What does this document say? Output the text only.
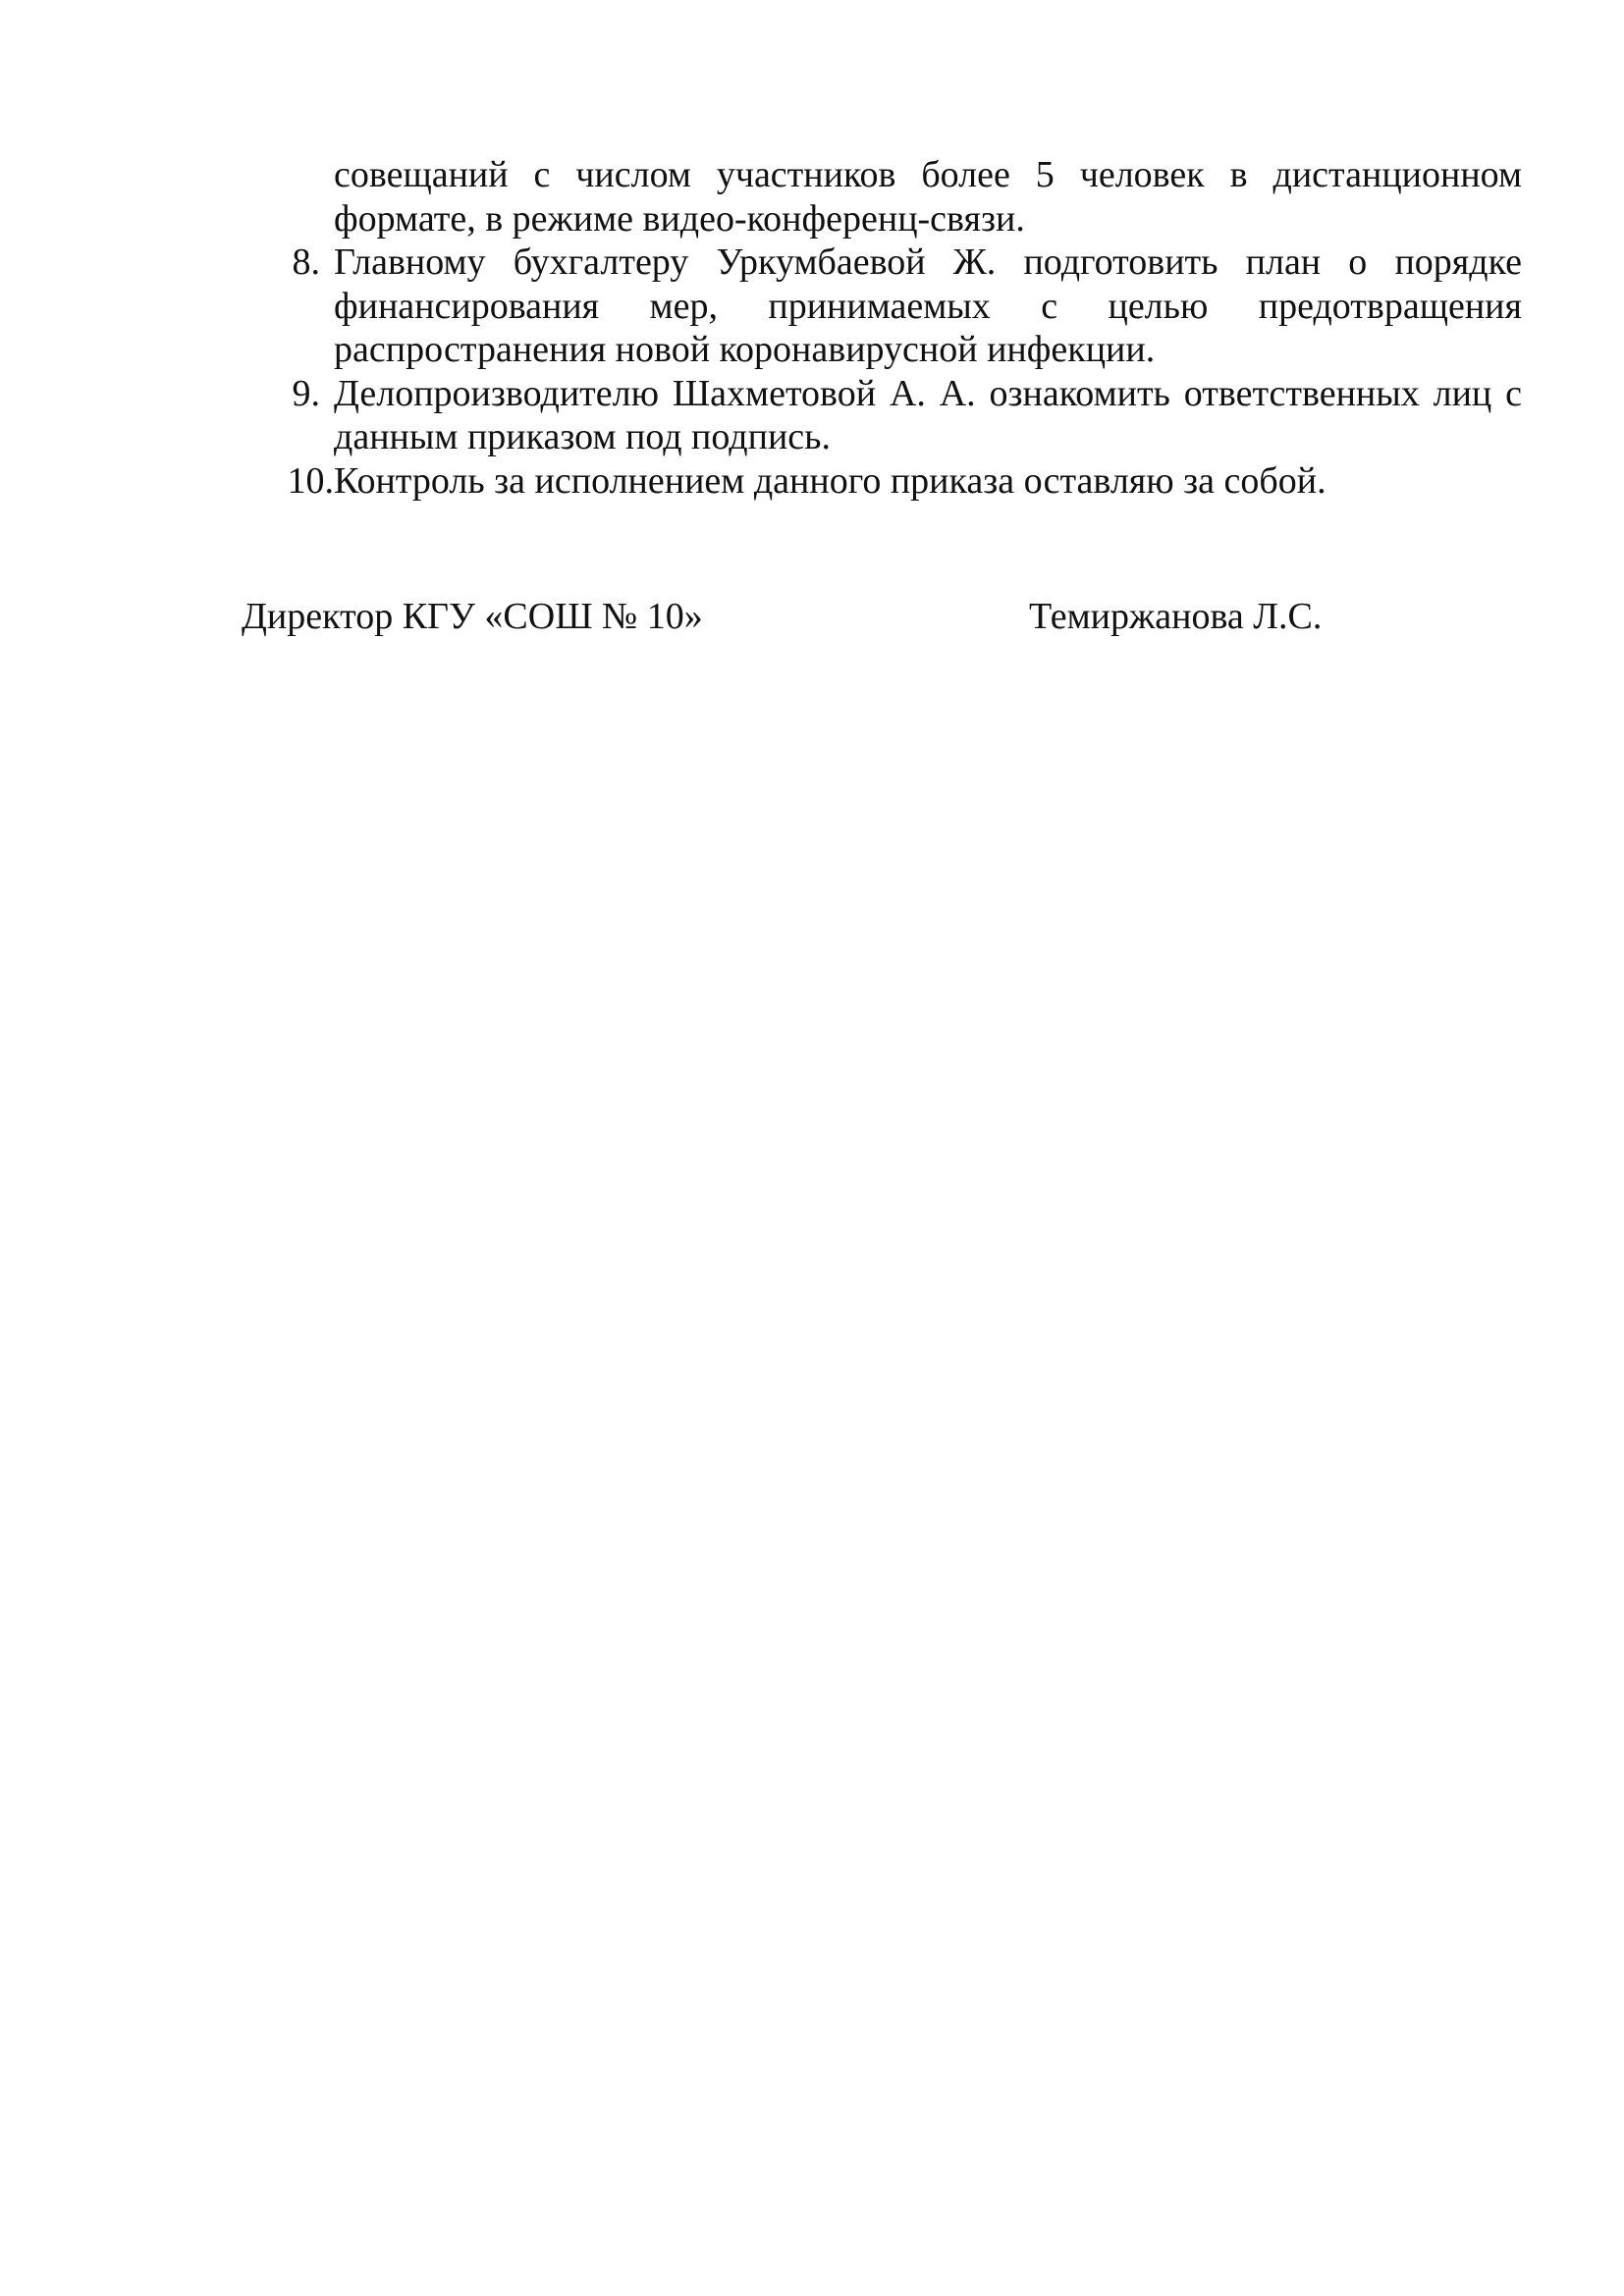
совещаний с числом участников более 5 человек в дистанционном формате, в режиме видео-конференц-связи.
8. Главному бухгалтеру Уркумбаевой Ж. подготовить план о порядке финансирования мер, принимаемых с целью предотвращения распространения новой коронавирусной инфекции.
9. Делопроизводителю Шахметовой А. А. ознакомить ответственных лиц с данным приказом под подпись.
10. Контроль за исполнением данного приказа оставляю за собой.
Директор КГУ «СОШ № 10»	Темиржанова Л.С.
